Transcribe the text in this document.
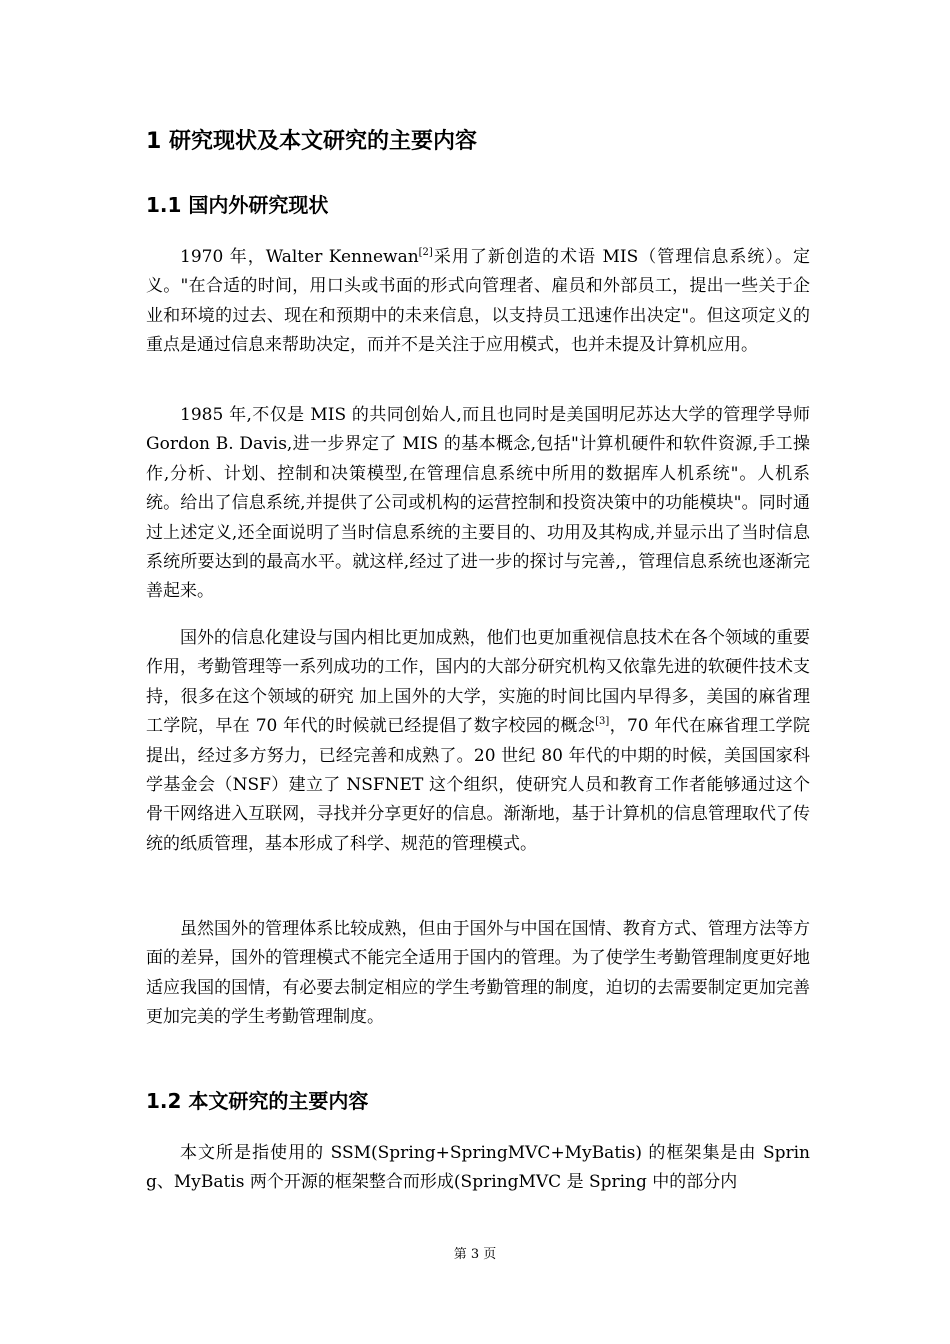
1 研究现状及本文研究的主要内容
1.1 国内外研究现状

1970 年，Walter Kennewan[2]采用了新创造的术语 MIS（管理信息系统）。定义。"在合适的时间，用口头或书面的形式向管理者、雇员和外部员工，提出一些关于企业和环境的过去、现在和预期中的未来信息，以支持员工迅速作出决定"。但这项定义的重点是通过信息来帮助决定，而并不是关注于应用模式，也并未提及计算机应用。

1985 年,不仅是 MIS 的共同创始人,而且也同时是美国明尼苏达大学的管理学导师 Gordon B. Davis,进一步界定了 MIS 的基本概念,包括"计算机硬件和软件资源,手工操作,分析、计划、控制和决策模型,在管理信息系统中所用的数据库人机系统"。人机系统。给出了信息系统,并提供了公司或机构的运营控制和投资决策中的功能模块"。同时通过上述定义,还全面说明了当时信息系统的主要目的、功用及其构成,并显示出了当时信息系统所要达到的最高水平。就这样,经过了进一步的探讨与完善,，管理信息系统也逐渐完善起来。

国外的信息化建设与国内相比更加成熟，他们也更加重视信息技术在各个领域的重要作用，考勤管理等一系列成功的工作，国内的大部分研究机构又依靠先进的软硬件技术支持，很多在这个领域的研究 加上国外的大学，实施的时间比国内早得多，美国的麻省理工学院，早在 70 年代的时候就已经提倡了数字校园的概念[3]，70 年代在麻省理工学院提出，经过多方努力，已经完善和成熟了。20 世纪 80 年代的中期的时候，美国国家科学基金会（NSF）建立了 NSFNET 这个组织，使研究人员和教育工作者能够通过这个骨干网络进入互联网，寻找并分享更好的信息。渐渐地，基于计算机的信息管理取代了传统的纸质管理，基本形成了科学、规范的管理模式。

虽然国外的管理体系比较成熟，但由于国外与中国在国情、教育方式、管理方法等方面的差异，国外的管理模式不能完全适用于国内的管理。为了使学生考勤管理制度更好地适应我国的国情，有必要去制定相应的学生考勤管理的制度，迫切的去需要制定更加完善更加完美的学生考勤管理制度。

1.2 本文研究的主要内容

本文所是指使用的 SSM(Spring+SpringMVC+MyBatis) 的框架集是由 Spring、MyBatis 两个开源的框架整合而形成(SpringMVC 是 Spring 中的部分内

第 3 页
